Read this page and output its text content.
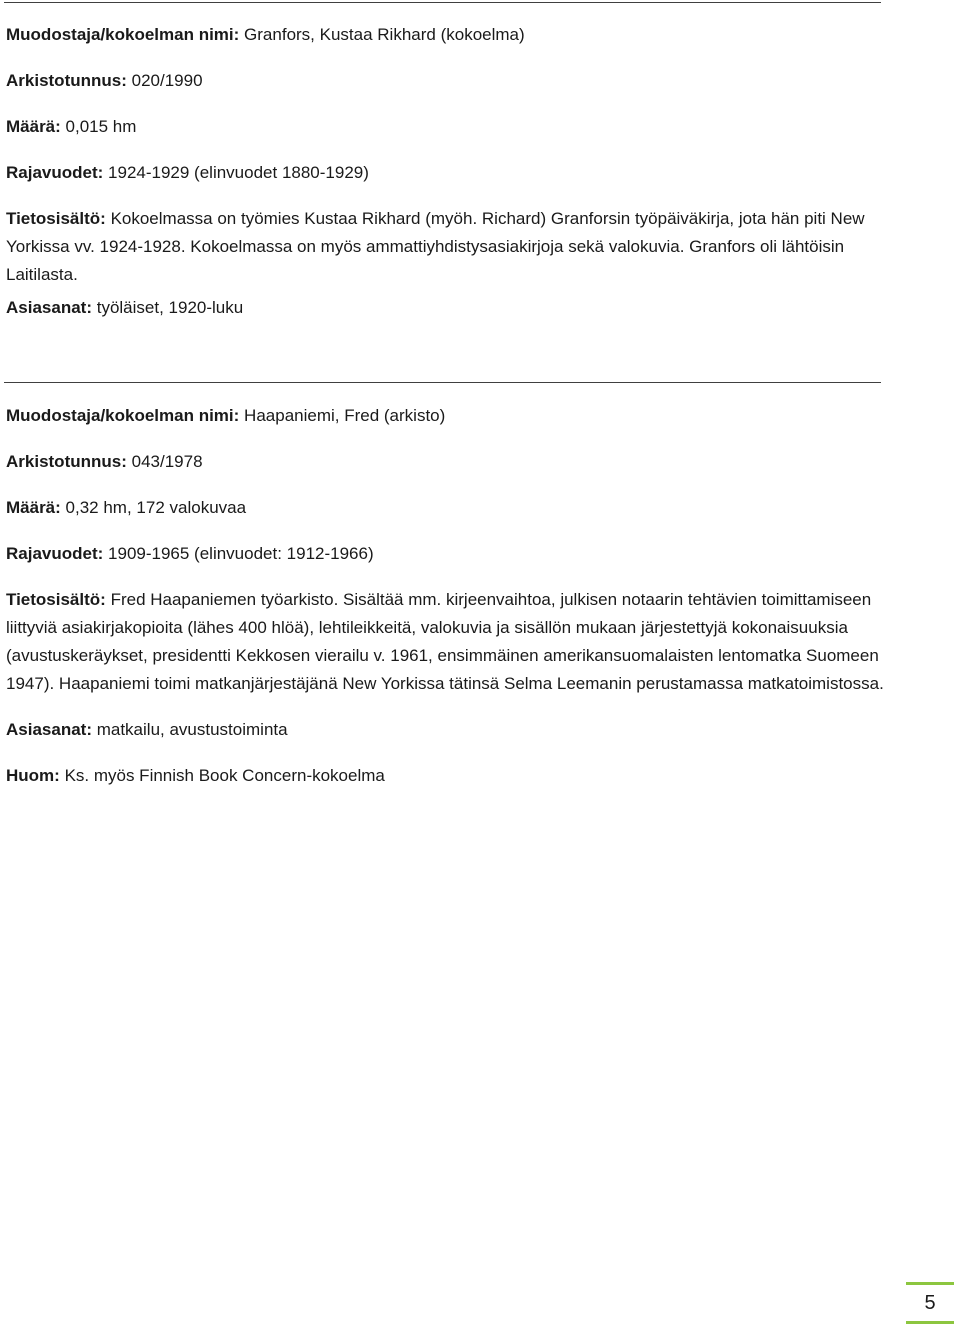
Muodostaja/kokoelman nimi: Granfors, Kustaa Rikhard (kokoelma)

Arkistotunnus: 020/1990

Määrä: 0,015 hm

Rajavuodet: 1924-1929 (elinvuodet 1880-1929)

Tietosisältö: Kokoelmassa on työmies Kustaa Rikhard (myöh. Richard) Granforsin työpäiväkirja, jota hän piti New Yorkissa vv. 1924-1928. Kokoelmassa on myös ammattiyhdistysasiakirjoja sekä valokuvia. Granfors oli lähtöisin Laitilasta.

Asiasanat: työläiset, 1920-luku

Muodostaja/kokoelman nimi: Haapaniemi, Fred (arkisto)

Arkistotunnus: 043/1978

Määrä: 0,32 hm, 172 valokuvaa

Rajavuodet: 1909-1965 (elinvuodet: 1912-1966)

Tietosisältö: Fred Haapaniemen työarkisto. Sisältää mm. kirjeenvaihtoa, julkisen notaarin tehtävien toimittamiseen liittyviä asiakirjakopioita (lähes 400 hlöä), lehtileikkeitä, valokuvia ja sisällön mukaan järjestettyjä kokonaisuuksia (avustuskeräykset, presidentti Kekkosen vierailu v. 1961, ensimmäinen amerikansuomalaisten lentomatka Suomeen 1947). Haapaniemi toimi matkanjärjestäjänä New Yorkissa tätinsä Selma Leemanin perustamassa matkatoimistossa.

Asiasanat: matkailu, avustustoiminta

Huom: Ks. myös Finnish Book Concern-kokoelma

5
